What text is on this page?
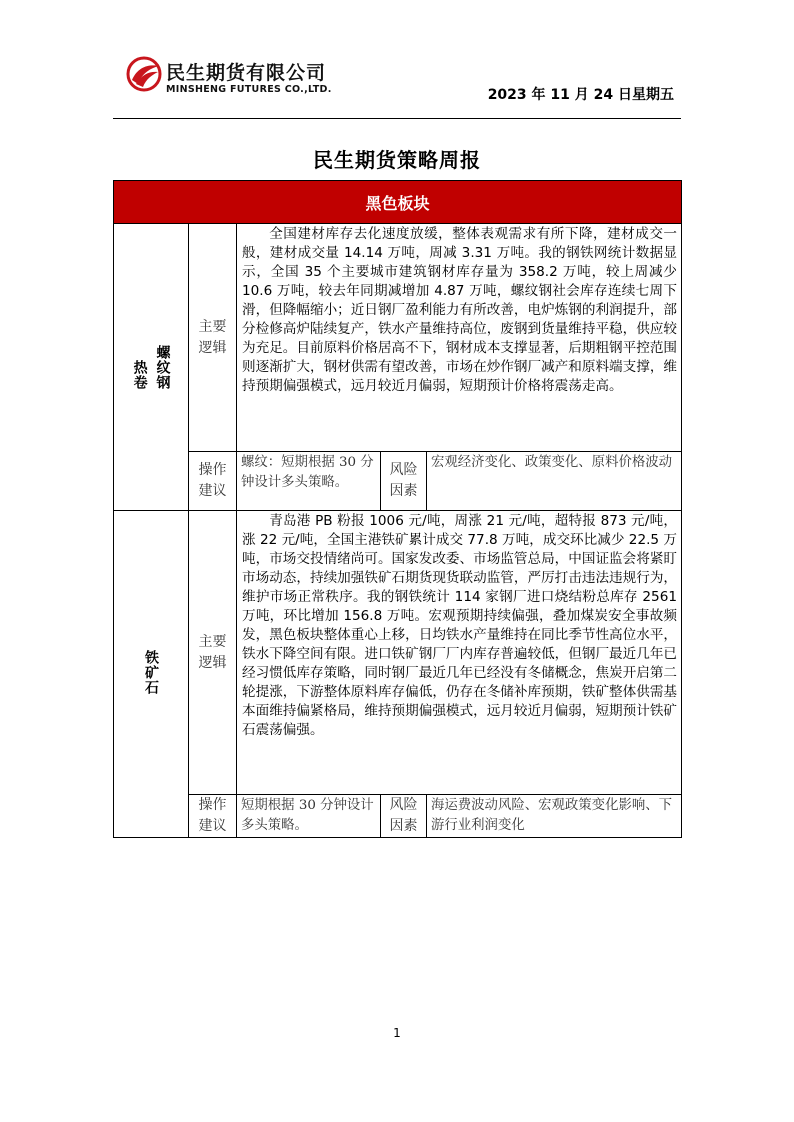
民生期货有限公司
MINSHENG FUTURES CO.,LTD.	2023 年 11 月 24 日星期五
民生期货策略周报
黑色板块				
热卷 螺纹钢	主要逻辑	全国建材库存去化速度放缓，整体表观需求有所下降，建材成交一般，建材成交量 14.14 万吨，周减 3.31 万吨。我的钢铁网统计数据显示，全国 35 个主要城市建筑钢材库存量为 358.2 万吨，较上周减少 10.6 万吨，较去年同期减增加 4.87 万吨，螺纹钢社会库存连续七周下滑，但降幅缩小；近日钢厂盈利能力有所改善，电炉炼钢的利润提升，部分检修高炉陆续复产，铁水产量维持高位，废钢到货量维持平稳，供应较为充足。目前原料价格居高不下，钢材成本支撑显著，后期粗钢平控范围则逐渐扩大，钢材供需有望改善，市场在炒作钢厂减产和原料端支撑，维持预期偏强模式，远月较近月偏弱，短期预计价格将震荡走高。		

	操作建议	螺纹：短期根据 30 分钟设计多头策略。	风险因素	宏观经济变化、政策变化、原料价格波动
铁矿石	主要逻辑	青岛港 PB 粉报 1006 元/吨，周涨 21 元/吨，超特报 873 元/吨，涨 22 元/吨，全国主港铁矿累计成交 77.8 万吨，成交环比减少 22.5 万吨，市场交投情绪尚可。国家发改委、市场监管总局，中国证监会将紧盯市场动态，持续加强铁矿石期货现货联动监管，严厉打击违法违规行为，维护市场正常秩序。我的钢铁统计 114 家钢厂进口烧结粉总库存 2561 万吨，环比增加 156.8 万吨。宏观预期持续偏强，叠加煤炭安全事故频发，黑色板块整体重心上移，日均铁水产量维持在同比季节性高位水平，铁水下降空间有限。进口铁矿钢厂厂内库存普遍较低，但钢厂最近几年已经习惯低库存策略，同时钢厂最近几年已经没有冬储概念，焦炭开启第二轮提涨，下游整体原料库存偏低，仍存在冬储补库预期，铁矿整体供需基本面维持偏紧格局，维持预期偏强模式，远月较近月偏弱，短期预计铁矿石震荡偏强。		

	操作建议	短期根据 30 分钟设计多头策略。	风险因素	海运费波动风险、宏观政策变化影响、下游行业利润变化
1
